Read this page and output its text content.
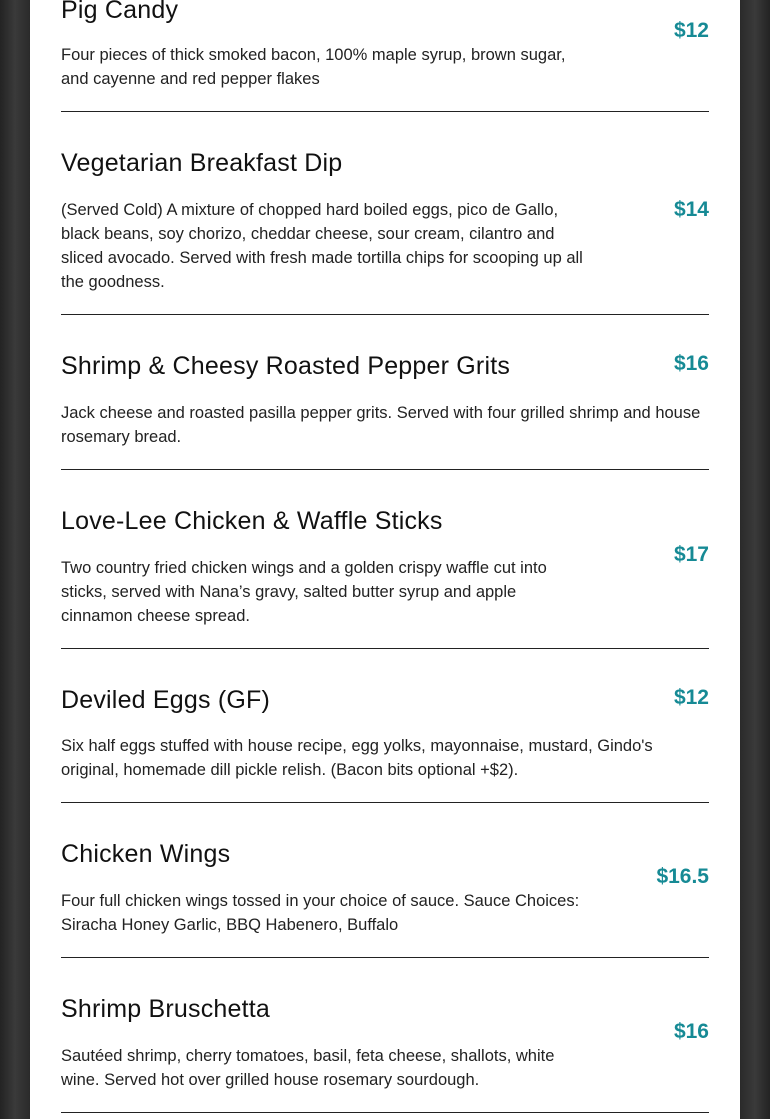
Pig Candy

Four pieces of thick smoked bacon, 100% maple syrup, brown sugar, and cayenne and red pepper flakes

$12
Vegetarian Breakfast Dip

(Served Cold) A mixture of chopped hard boiled eggs, pico de Gallo, black beans, soy chorizo, cheddar cheese, sour cream, cilantro and sliced avocado. Served with fresh made tortilla chips for scooping up all the goodness.

$14
Shrimp & Cheesy Roasted Pepper Grits

Jack cheese and roasted pasilla pepper grits. Served with four grilled shrimp and house rosemary bread.

$16
Love-Lee Chicken & Waffle Sticks

Two country fried chicken wings and a golden crispy waffle cut into sticks, served with Nana’s gravy, salted butter syrup and apple cinnamon cheese spread.

$17
Deviled Eggs (GF)

Six half eggs stuffed with house recipe, egg yolks, mayonnaise, mustard, Gindo's original, homemade dill pickle relish. (Bacon bits optional +$2).

$12
Chicken Wings

Four full chicken wings tossed in your choice of sauce. Sauce Choices: Siracha Honey Garlic, BBQ Habenero, Buffalo

$16.5
Shrimp Bruschetta

Sautéed shrimp, cherry tomatoes, basil, feta cheese, shallots, white wine. Served hot over grilled house rosemary sourdough.

$16
